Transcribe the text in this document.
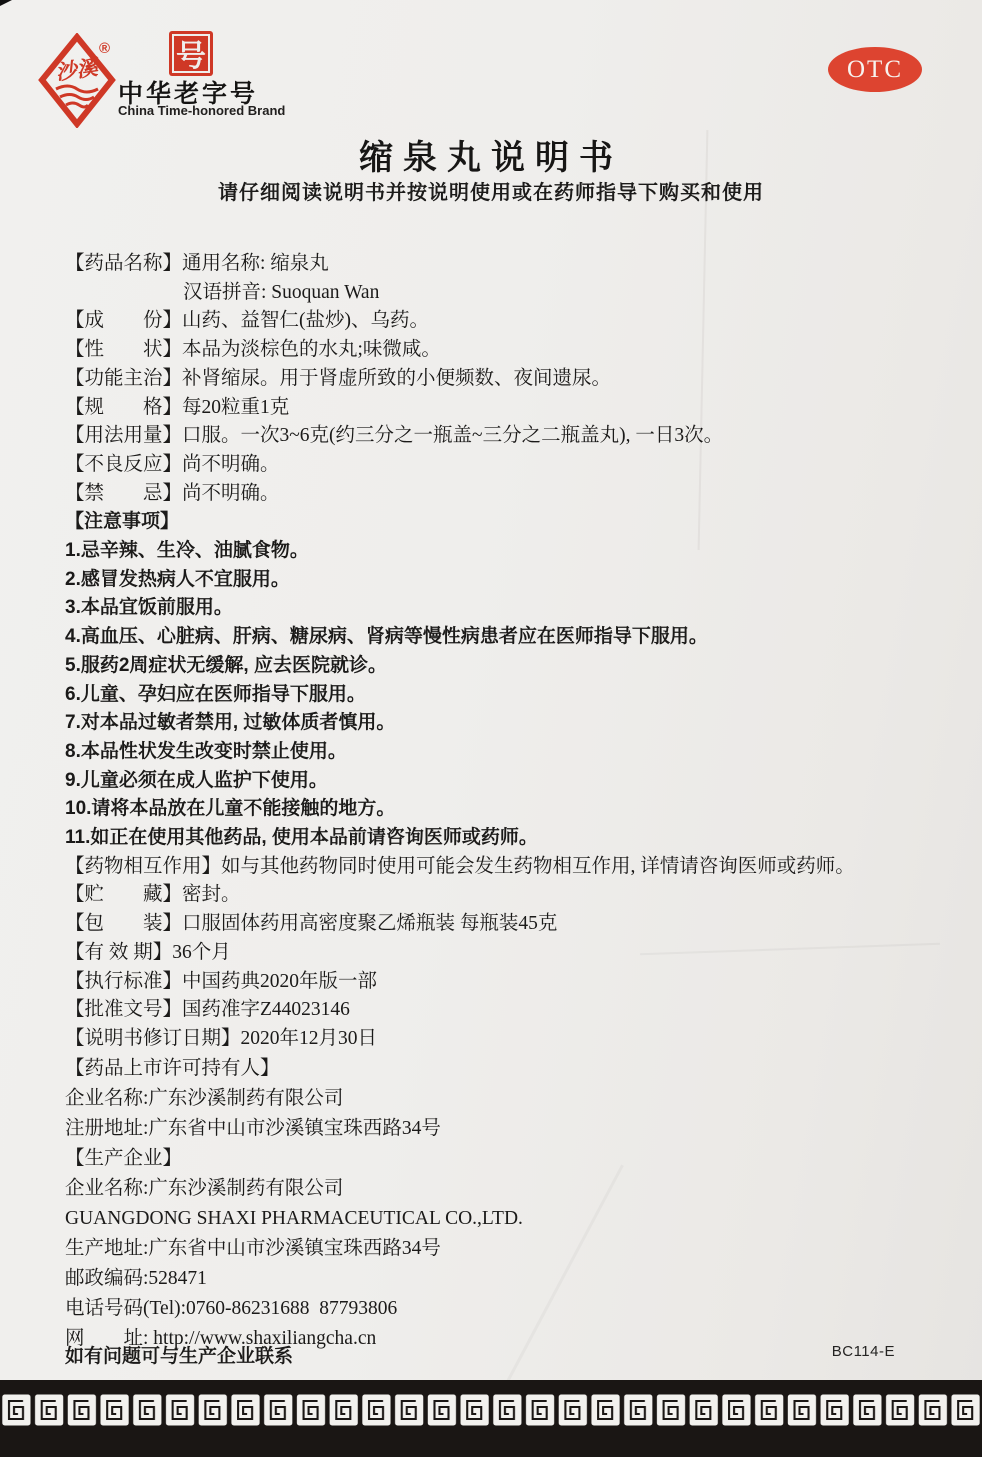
沙溪
® 号
中华老字号
China Time-honored Brand
OTC
缩泉丸说明书
请仔细阅读说明书并按说明使用或在药师指导下购买和使用
【药品名称】通用名称: 缩泉丸
汉语拼音: Suoquan Wan
【成　　份】山药、益智仁(盐炒)、乌药。
【性　　状】本品为淡棕色的水丸;味微咸。
【功能主治】补肾缩尿。用于肾虚所致的小便频数、夜间遗尿。
【规　　格】每20粒重1克
【用法用量】口服。一次3~6克(约三分之一瓶盖~三分之二瓶盖丸), 一日3次。
【不良反应】尚不明确。
【禁　　忌】尚不明确。
【注意事项】
1.忌辛辣、生冷、油腻食物。
2.感冒发热病人不宜服用。
3.本品宜饭前服用。
4.高血压、心脏病、肝病、糖尿病、肾病等慢性病患者应在医师指导下服用。
5.服药2周症状无缓解, 应去医院就诊。
6.儿童、孕妇应在医师指导下服用。
7.对本品过敏者禁用, 过敏体质者慎用。
8.本品性状发生改变时禁止使用。
9.儿童必须在成人监护下使用。
10.请将本品放在儿童不能接触的地方。
11.如正在使用其他药品, 使用本品前请咨询医师或药师。
【药物相互作用】如与其他药物同时使用可能会发生药物相互作用, 详情请咨询医师或药师。
【贮　　藏】密封。
【包　　装】口服固体药用高密度聚乙烯瓶装 每瓶装45克
【有 效 期】36个月
【执行标准】中国药典2020年版一部
【批准文号】国药准字Z44023146
【说明书修订日期】2020年12月30日
【药品上市许可持有人】
企业名称:广东沙溪制药有限公司
注册地址:广东省中山市沙溪镇宝珠西路34号
【生产企业】
企业名称:广东沙溪制药有限公司
GUANGDONG SHAXI PHARMACEUTICAL CO.,LTD.
生产地址:广东省中山市沙溪镇宝珠西路34号
邮政编码:528471
电话号码(Tel):0760-86231688  87793806
网　　址: http://www.shaxiliangcha.cn
如有问题可与生产企业联系	BC114-E
